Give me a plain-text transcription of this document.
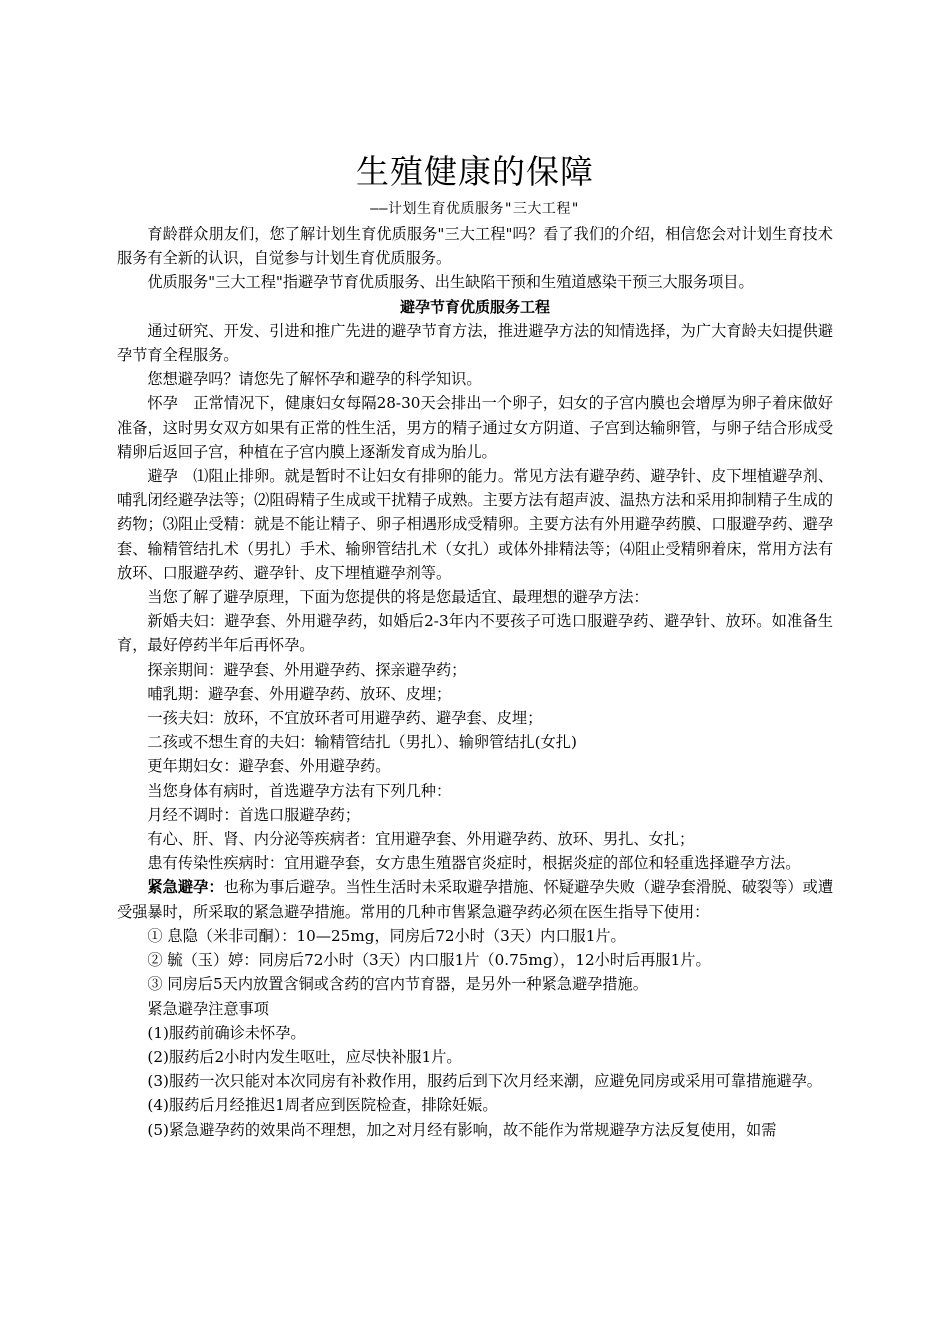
生殖健康的保障
——计划生育优质服务"三大工程"

育龄群众朋友们，您了解计划生育优质服务"三大工程"吗？看了我们的介绍，相信您会对计划生育技术服务有全新的认识，自觉参与计划生育优质服务。

优质服务"三大工程"指避孕节育优质服务、出生缺陷干预和生殖道感染干预三大服务项目。

避孕节育优质服务工程

通过研究、开发、引进和推广先进的避孕节育方法，推进避孕方法的知情选择，为广大育龄夫妇提供避孕节育全程服务。

您想避孕吗？请您先了解怀孕和避孕的科学知识。

怀孕　正常情况下，健康妇女每隔28-30天会排出一个卵子，妇女的子宫内膜也会增厚为卵子着床做好准备，这时男女双方如果有正常的性生活，男方的精子通过女方阴道、子宫到达输卵管，与卵子结合形成受精卵后返回子宫，种植在子宫内膜上逐渐发育成为胎儿。

避孕　⑴阻止排卵。就是暂时不让妇女有排卵的能力。常见方法有避孕药、避孕针、皮下埋植避孕剂、哺乳闭经避孕法等；⑵阻碍精子生成或干扰精子成熟。主要方法有超声波、温热方法和采用抑制精子生成的药物；⑶阻止受精：就是不能让精子、卵子相遇形成受精卵。主要方法有外用避孕药膜、口服避孕药、避孕套、输精管结扎术（男扎）手术、输卵管结扎术（女扎）或体外排精法等；⑷阻止受精卵着床，常用方法有放环、口服避孕药、避孕针、皮下埋植避孕剂等。

当您了解了避孕原理，下面为您提供的将是您最适宜、最理想的避孕方法：

新婚夫妇：避孕套、外用避孕药，如婚后2-3年内不要孩子可选口服避孕药、避孕针、放环。如准备生育，最好停药半年后再怀孕。

探亲期间：避孕套、外用避孕药、探亲避孕药；

哺乳期：避孕套、外用避孕药、放环、皮埋；

一孩夫妇：放环，不宜放环者可用避孕药、避孕套、皮埋；

二孩或不想生育的夫妇：输精管结扎（男扎）、输卵管结扎(女扎)

更年期妇女：避孕套、外用避孕药。

当您身体有病时，首选避孕方法有下列几种：

月经不调时：首选口服避孕药；

有心、肝、肾、内分泌等疾病者：宜用避孕套、外用避孕药、放环、男扎、女扎；

患有传染性疾病时：宜用避孕套，女方患生殖器官炎症时，根据炎症的部位和轻重选择避孕方法。

紧急避孕：也称为事后避孕。当性生活时未采取避孕措施、怀疑避孕失败（避孕套滑脱、破裂等）或遭受强暴时，所采取的紧急避孕措施。常用的几种市售紧急避孕药必须在医生指导下使用：

① 息隐（米非司酮）：10—25mg，同房后72小时（3天）内口服1片。

② 毓（玉）婷：同房后72小时（3天）内口服1片（0.75mg），12小时后再服1片。

③ 同房后5天内放置含铜或含药的宫内节育器，是另外一种紧急避孕措施。

紧急避孕注意事项

(1)服药前确诊未怀孕。

(2)服药后2小时内发生呕吐，应尽快补服1片。

(3)服药一次只能对本次同房有补救作用，服药后到下次月经来潮，应避免同房或采用可靠措施避孕。

(4)服药后月经推迟1周者应到医院检查，排除妊娠。

(5)紧急避孕药的效果尚不理想，加之对月经有影响，故不能作为常规避孕方法反复使用，如需
